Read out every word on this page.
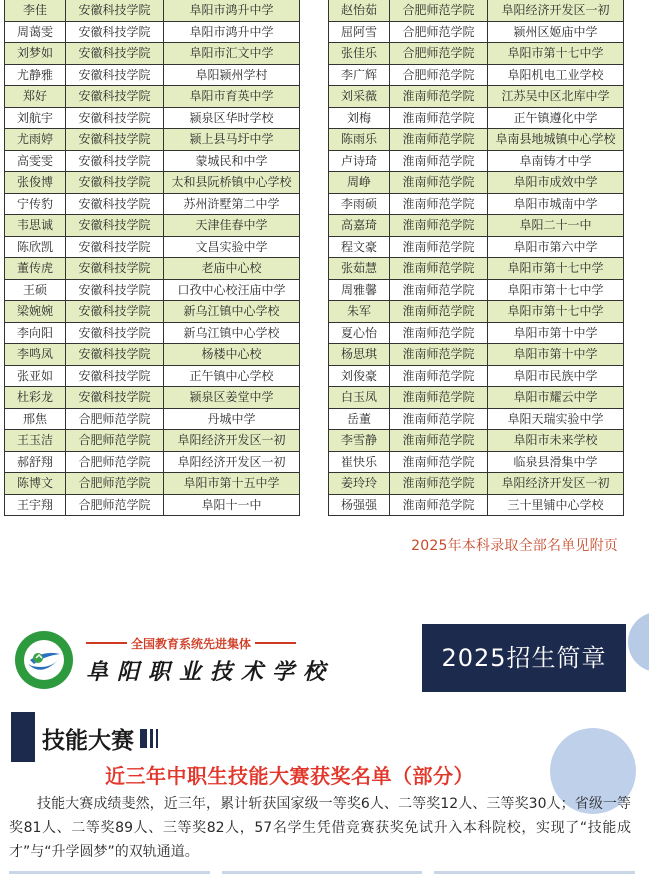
李佳	安徽科技学院	阜阳市鸿升中学
周蔼雯	安徽科技学院	阜阳市鸿升中学
刘梦如	安徽科技学院	阜阳市汇文中学
尤静雅	安徽科技学院	阜阳颍州学村
郑好	安徽科技学院	阜阳市育英中学
刘航宇	安徽科技学院	颍泉区华时学校
尤雨婷	安徽科技学院	颍上县马圩中学
高雯雯	安徽科技学院	蒙城民和中学
张俊博	安徽科技学院	太和县阮桥镇中心学校
宁传豹	安徽科技学院	苏州浒墅第二中学
韦思诚	安徽科技学院	天津佳春中学
陈欣凯	安徽科技学院	文昌实验中学
董传虎	安徽科技学院	老庙中心校
王硕	安徽科技学院	口孜中心校汪庙中学
梁婉婉	安徽科技学院	新乌江镇中心学校
李向阳	安徽科技学院	新乌江镇中心学校
李鸣凤	安徽科技学院	杨楼中心校
张亚如	安徽科技学院	正午镇中心学校
杜彩龙	安徽科技学院	颍泉区姜堂中学
邢焦	合肥师范学院	丹城中学
王玉洁	合肥师范学院	阜阳经济开发区一初
郝舒翔	合肥师范学院	阜阳经济开发区一初
陈博文	合肥师范学院	阜阳市第十五中学
王宇翔	合肥师范学院	阜阳十一中
赵怡茹	合肥师范学院	阜阳经济开发区一初
屈阿雪	合肥师范学院	颍州区姬庙中学
张佳乐	合肥师范学院	阜阳市第十七中学
李广辉	合肥师范学院	阜阳机电工业学校
刘采薇	淮南师范学院	江苏吴中区北库中学
刘梅	淮南师范学院	正午镇遵化中学
陈雨乐	淮南师范学院	阜南县地城镇中心学校
卢诗琦	淮南师范学院	阜南铸才中学
周峥	淮南师范学院	阜阳市成效中学
李雨硕	淮南师范学院	阜阳市城南中学
高嘉琦	淮南师范学院	阜阳二十一中
程文豪	淮南师范学院	阜阳市第六中学
张茹慧	淮南师范学院	阜阳市第十七中学
周雅馨	淮南师范学院	阜阳市第十七中学
朱军	淮南师范学院	阜阳市第十七中学
夏心怡	淮南师范学院	阜阳市第十中学
杨思琪	淮南师范学院	阜阳市第十中学
刘俊豪	淮南师范学院	阜阳市民族中学
白玉凤	淮南师范学院	阜阳市耀云中学
岳董	淮南师范学院	阜阳天瑞实验中学
李雪静	淮南师范学院	阜阳市未来学校
崔快乐	淮南师范学院	临泉县滑集中学
姜玲玲	淮南师范学院	阜阳经济开发区一初
杨强强	淮南师范学院	三十里铺中心学校
2025年本科录取全部名单见附页
全国教育系统先进集体
阜阳职业技术学校	2025招生简章
技能大赛
近三年中职生技能大赛获奖名单（部分）
技能大赛成绩斐然，近三年，累计斩获国家级一等奖6人、二等奖12人、三等奖30人；省级一等奖81人、二等奖89人、三等奖82人，57名学生凭借竞赛获奖免试升入本科院校，实现了“技能成才”与“升学圆梦”的双轨通道。
